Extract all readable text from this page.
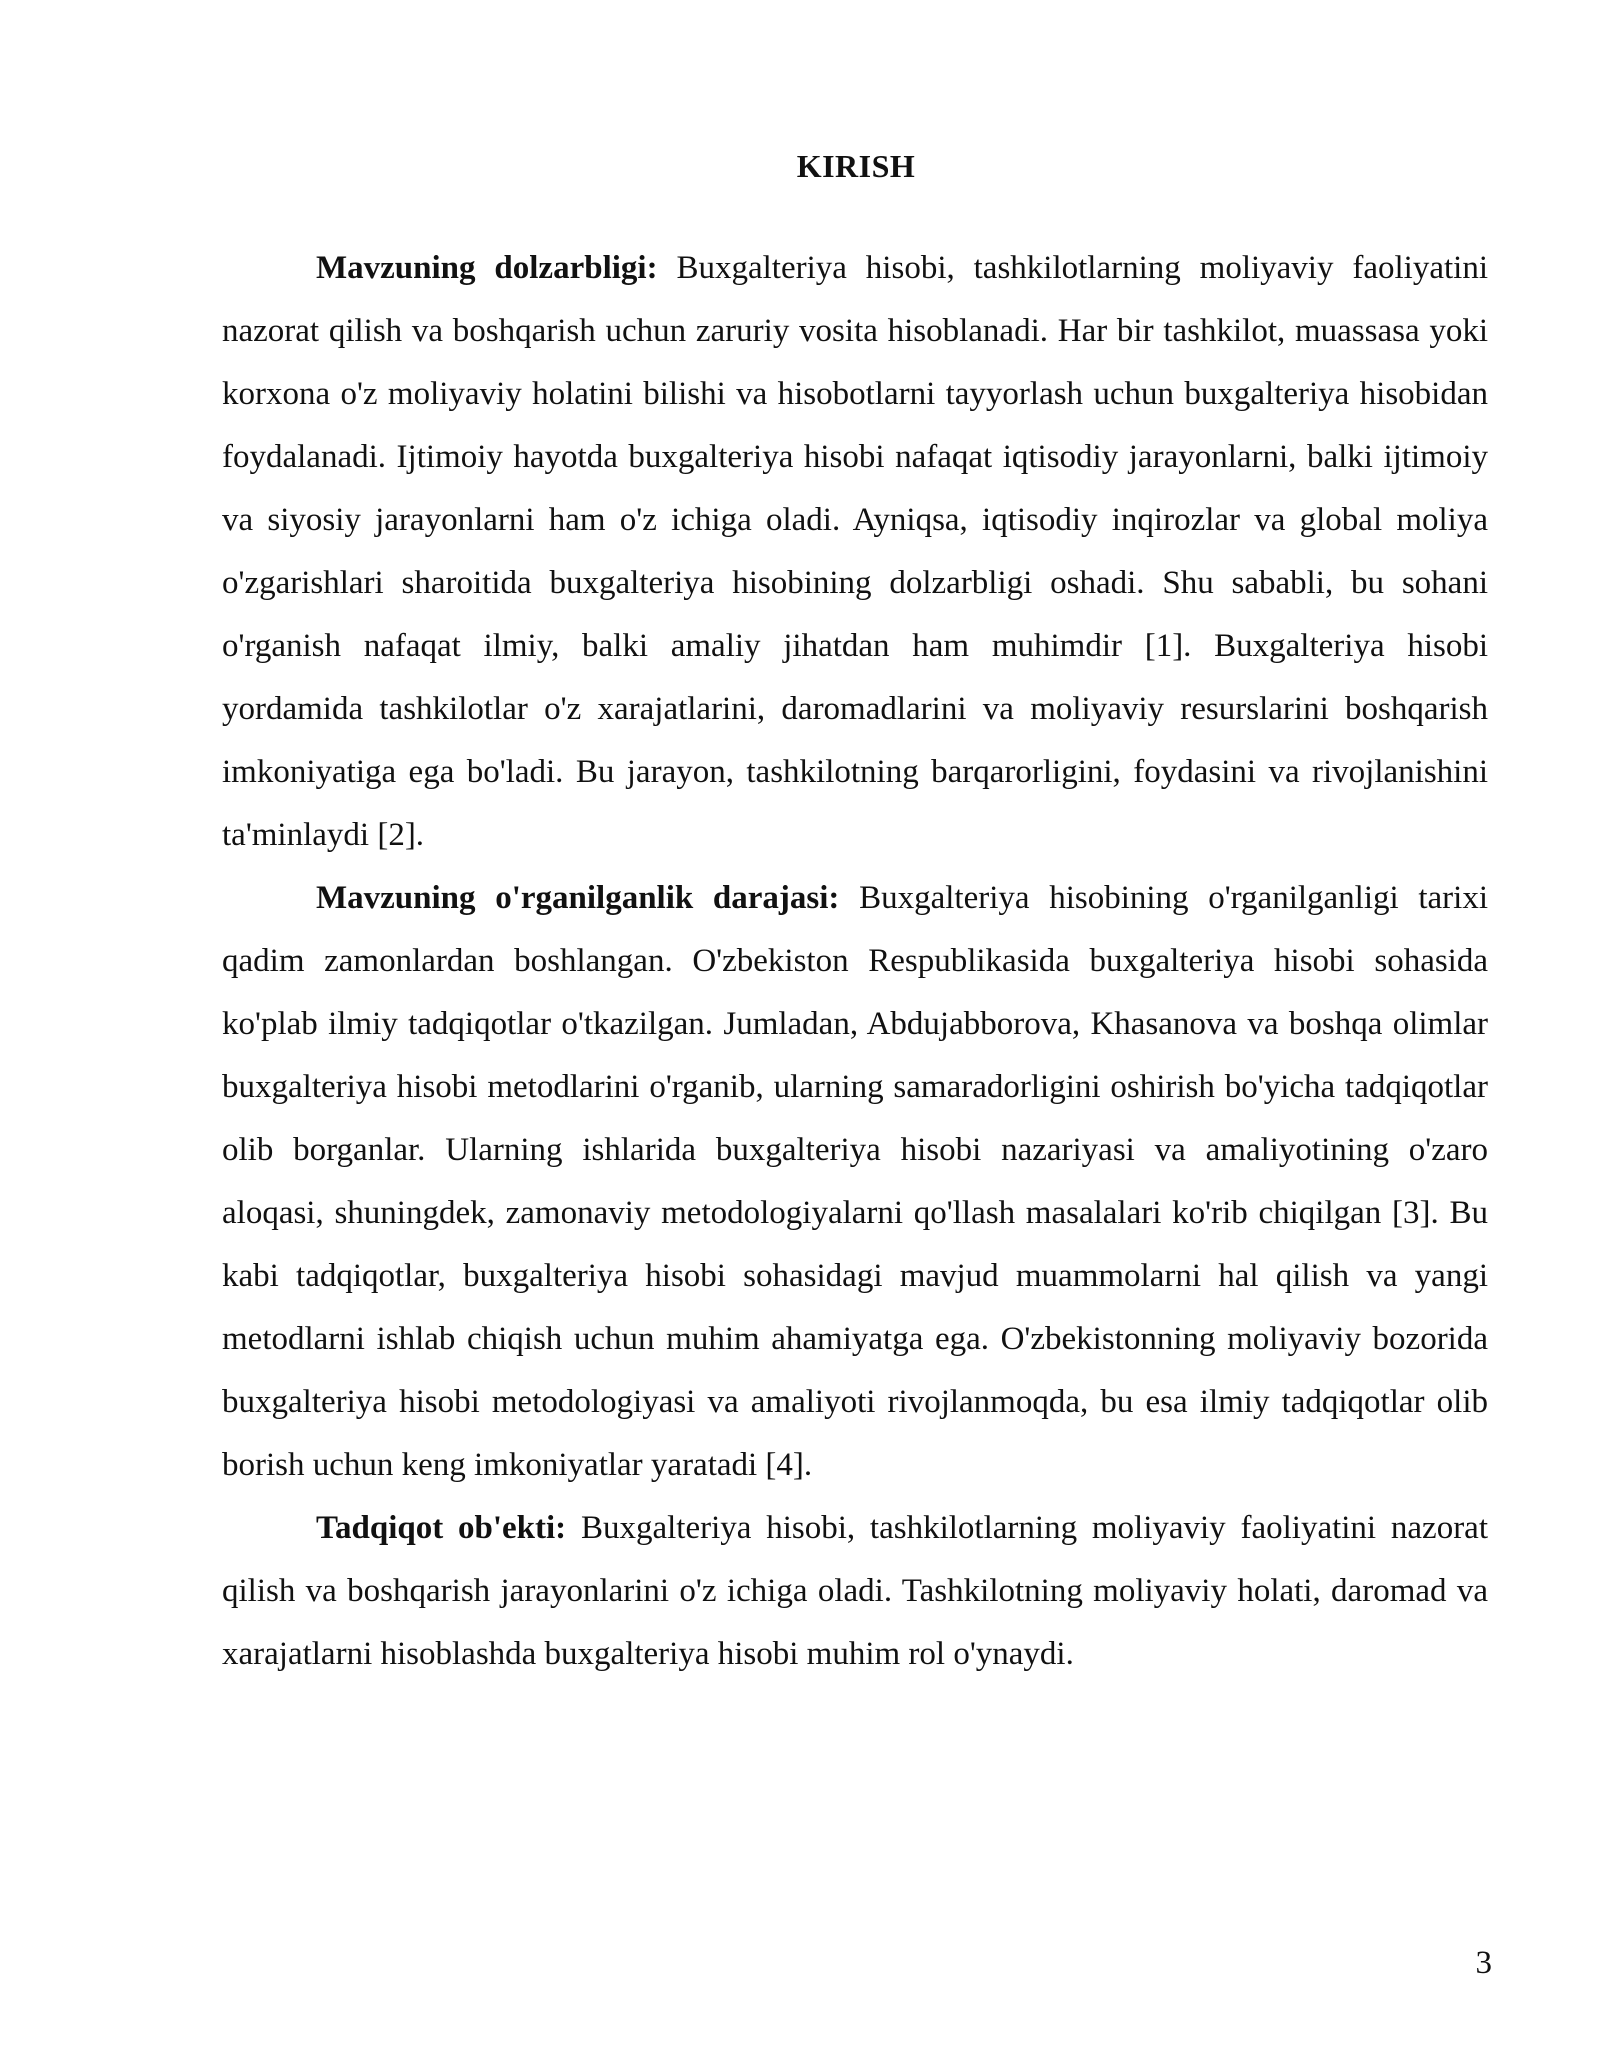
KIRISH

Mavzuning dolzarbligi: Buxgalteriya hisobi, tashkilotlarning moliyaviy faoliyatini nazorat qilish va boshqarish uchun zaruriy vosita hisoblanadi. Har bir tashkilot, muassasa yoki korxona o'z moliyaviy holatini bilishi va hisobotlarni tayyorlash uchun buxgalteriya hisobidan foydalanadi. Ijtimoiy hayotda buxgalteriya hisobi nafaqat iqtisodiy jarayonlarni, balki ijtimoiy va siyosiy jarayonlarni ham o'z ichiga oladi. Ayniqsa, iqtisodiy inqirozlar va global moliya o'zgarishlari sharoitida buxgalteriya hisobining dolzarbligi oshadi. Shu sababli, bu sohani o'rganish nafaqat ilmiy, balki amaliy jihatdan ham muhimdir [1]. Buxgalteriya hisobi yordamida tashkilotlar o'z xarajatlarini, daromadlarini va moliyaviy resurslarini boshqarish imkoniyatiga ega bo'ladi. Bu jarayon, tashkilotning barqarorligini, foydasini va rivojlanishini ta'minlaydi [2].

Mavzuning o'rganilganlik darajasi: Buxgalteriya hisobining o'rganilganligi tarixi qadim zamonlardan boshlangan. O'zbekiston Respublikasida buxgalteriya hisobi sohasida ko'plab ilmiy tadqiqotlar o'tkazilgan. Jumladan, Abdujabborova, Khasanova va boshqa olimlar buxgalteriya hisobi metodlarini o'rganib, ularning samaradorligini oshirish bo'yicha tadqiqotlar olib borganlar. Ularning ishlarida buxgalteriya hisobi nazariyasi va amaliyotining o'zaro aloqasi, shuningdek, zamonaviy metodologiyalarni qo'llash masalalari ko'rib chiqilgan [3]. Bu kabi tadqiqotlar, buxgalteriya hisobi sohasidagi mavjud muammolarni hal qilish va yangi metodlarni ishlab chiqish uchun muhim ahamiyatga ega. O'zbekistonning moliyaviy bozorida buxgalteriya hisobi metodologiyasi va amaliyoti rivojlanmoqda, bu esa ilmiy tadqiqotlar olib borish uchun keng imkoniyatlar yaratadi [4].

Tadqiqot ob'ekti: Buxgalteriya hisobi, tashkilotlarning moliyaviy faoliyatini nazorat qilish va boshqarish jarayonlarini o'z ichiga oladi. Tashkilotning moliyaviy holati, daromad va xarajatlarni hisoblashda buxgalteriya hisobi muhim rol o'ynaydi.

3
